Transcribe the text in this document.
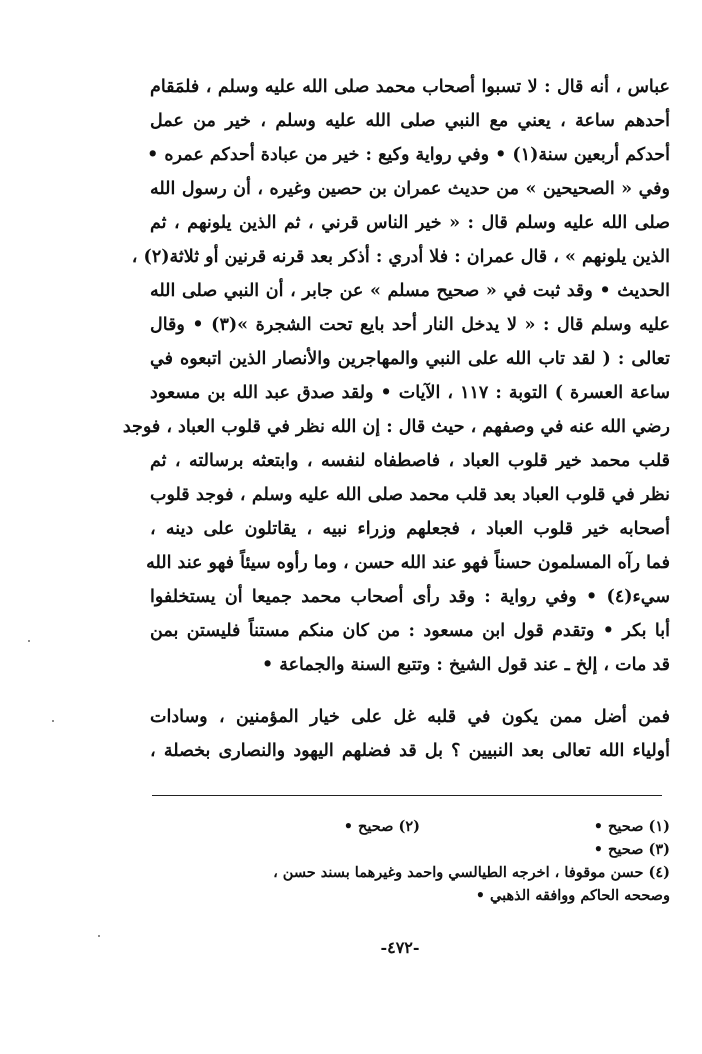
عباس ، أنه قال : لا تسبوا أصحاب محمد صلى الله عليه وسلم ، فلمَقام
أحدهم ساعة ، يعني مع النبي صلى الله عليه وسلم ، خير من عمل
أحدكم أربعين سنة(١) • وفي رواية وكيع : خير من عبادة أحدكم عمره •
وفي « الصحيحين » من حديث عمران بن حصين وغيره ، أن رسول الله
صلى الله عليه وسلم قال : « خير الناس قرني ، ثم الذين يلونهم ، ثم
الذين يلونهم » ، قال عمران : فلا أدري : أذكر بعد قرنه قرنين أو ثلاثة(٢) ،
الحديث • وقد ثبت في « صحيح مسلم » عن جابر ، أن النبي صلى الله
عليه وسلم قال : « لا يدخل النار أحد بايع تحت الشجرة »(٣) • وقال
تعالى : ( لقد تاب الله على النبي والمهاجرين والأنصار الذين اتبعوه في
ساعة العسرة ) التوبة : ١١٧ ، الآيات • ولقد صدق عبد الله بن مسعود
رضي الله عنه في وصفهم ، حيث قال : إن الله نظر في قلوب العباد ، فوجد
قلب محمد خير قلوب العباد ، فاصطفاه لنفسه ، وابتعثه برسالته ، ثم
نظر في قلوب العباد بعد قلب محمد صلى الله عليه وسلم ، فوجد قلوب
أصحابه خير قلوب العباد ، فجعلهم وزراء نبيه ، يقاتلون على دينه ،
فما رآه المسلمون حسناً فهو عند الله حسن ، وما رأوه سيئاً فهو عند الله
سيء(٤) • وفي رواية : وقد رأى أصحاب محمد جميعا أن يستخلفوا
أبا بكر • وتقدم قول ابن مسعود : من كان منكم مستناً فليستن بمن
قد مات ، إلخ ـ عند قول الشيخ : وتتبع السنة والجماعة •
فمن أضل ممن يكون في قلبه غل على خيار المؤمنين ، وسادات
أولياء الله تعالى بعد النبيين ؟ بل قد فضلهم اليهود والنصارى بخصلة ،
(١) صحيح •
(٢) صحيح •
(٣) صحيح •
(٤) حسن موقوفا ، اخرجه الطيالسي واحمد وغيرهما بسند حسن ،
وصححه الحاكم ووافقه الذهبي •
-٤٧٢-
